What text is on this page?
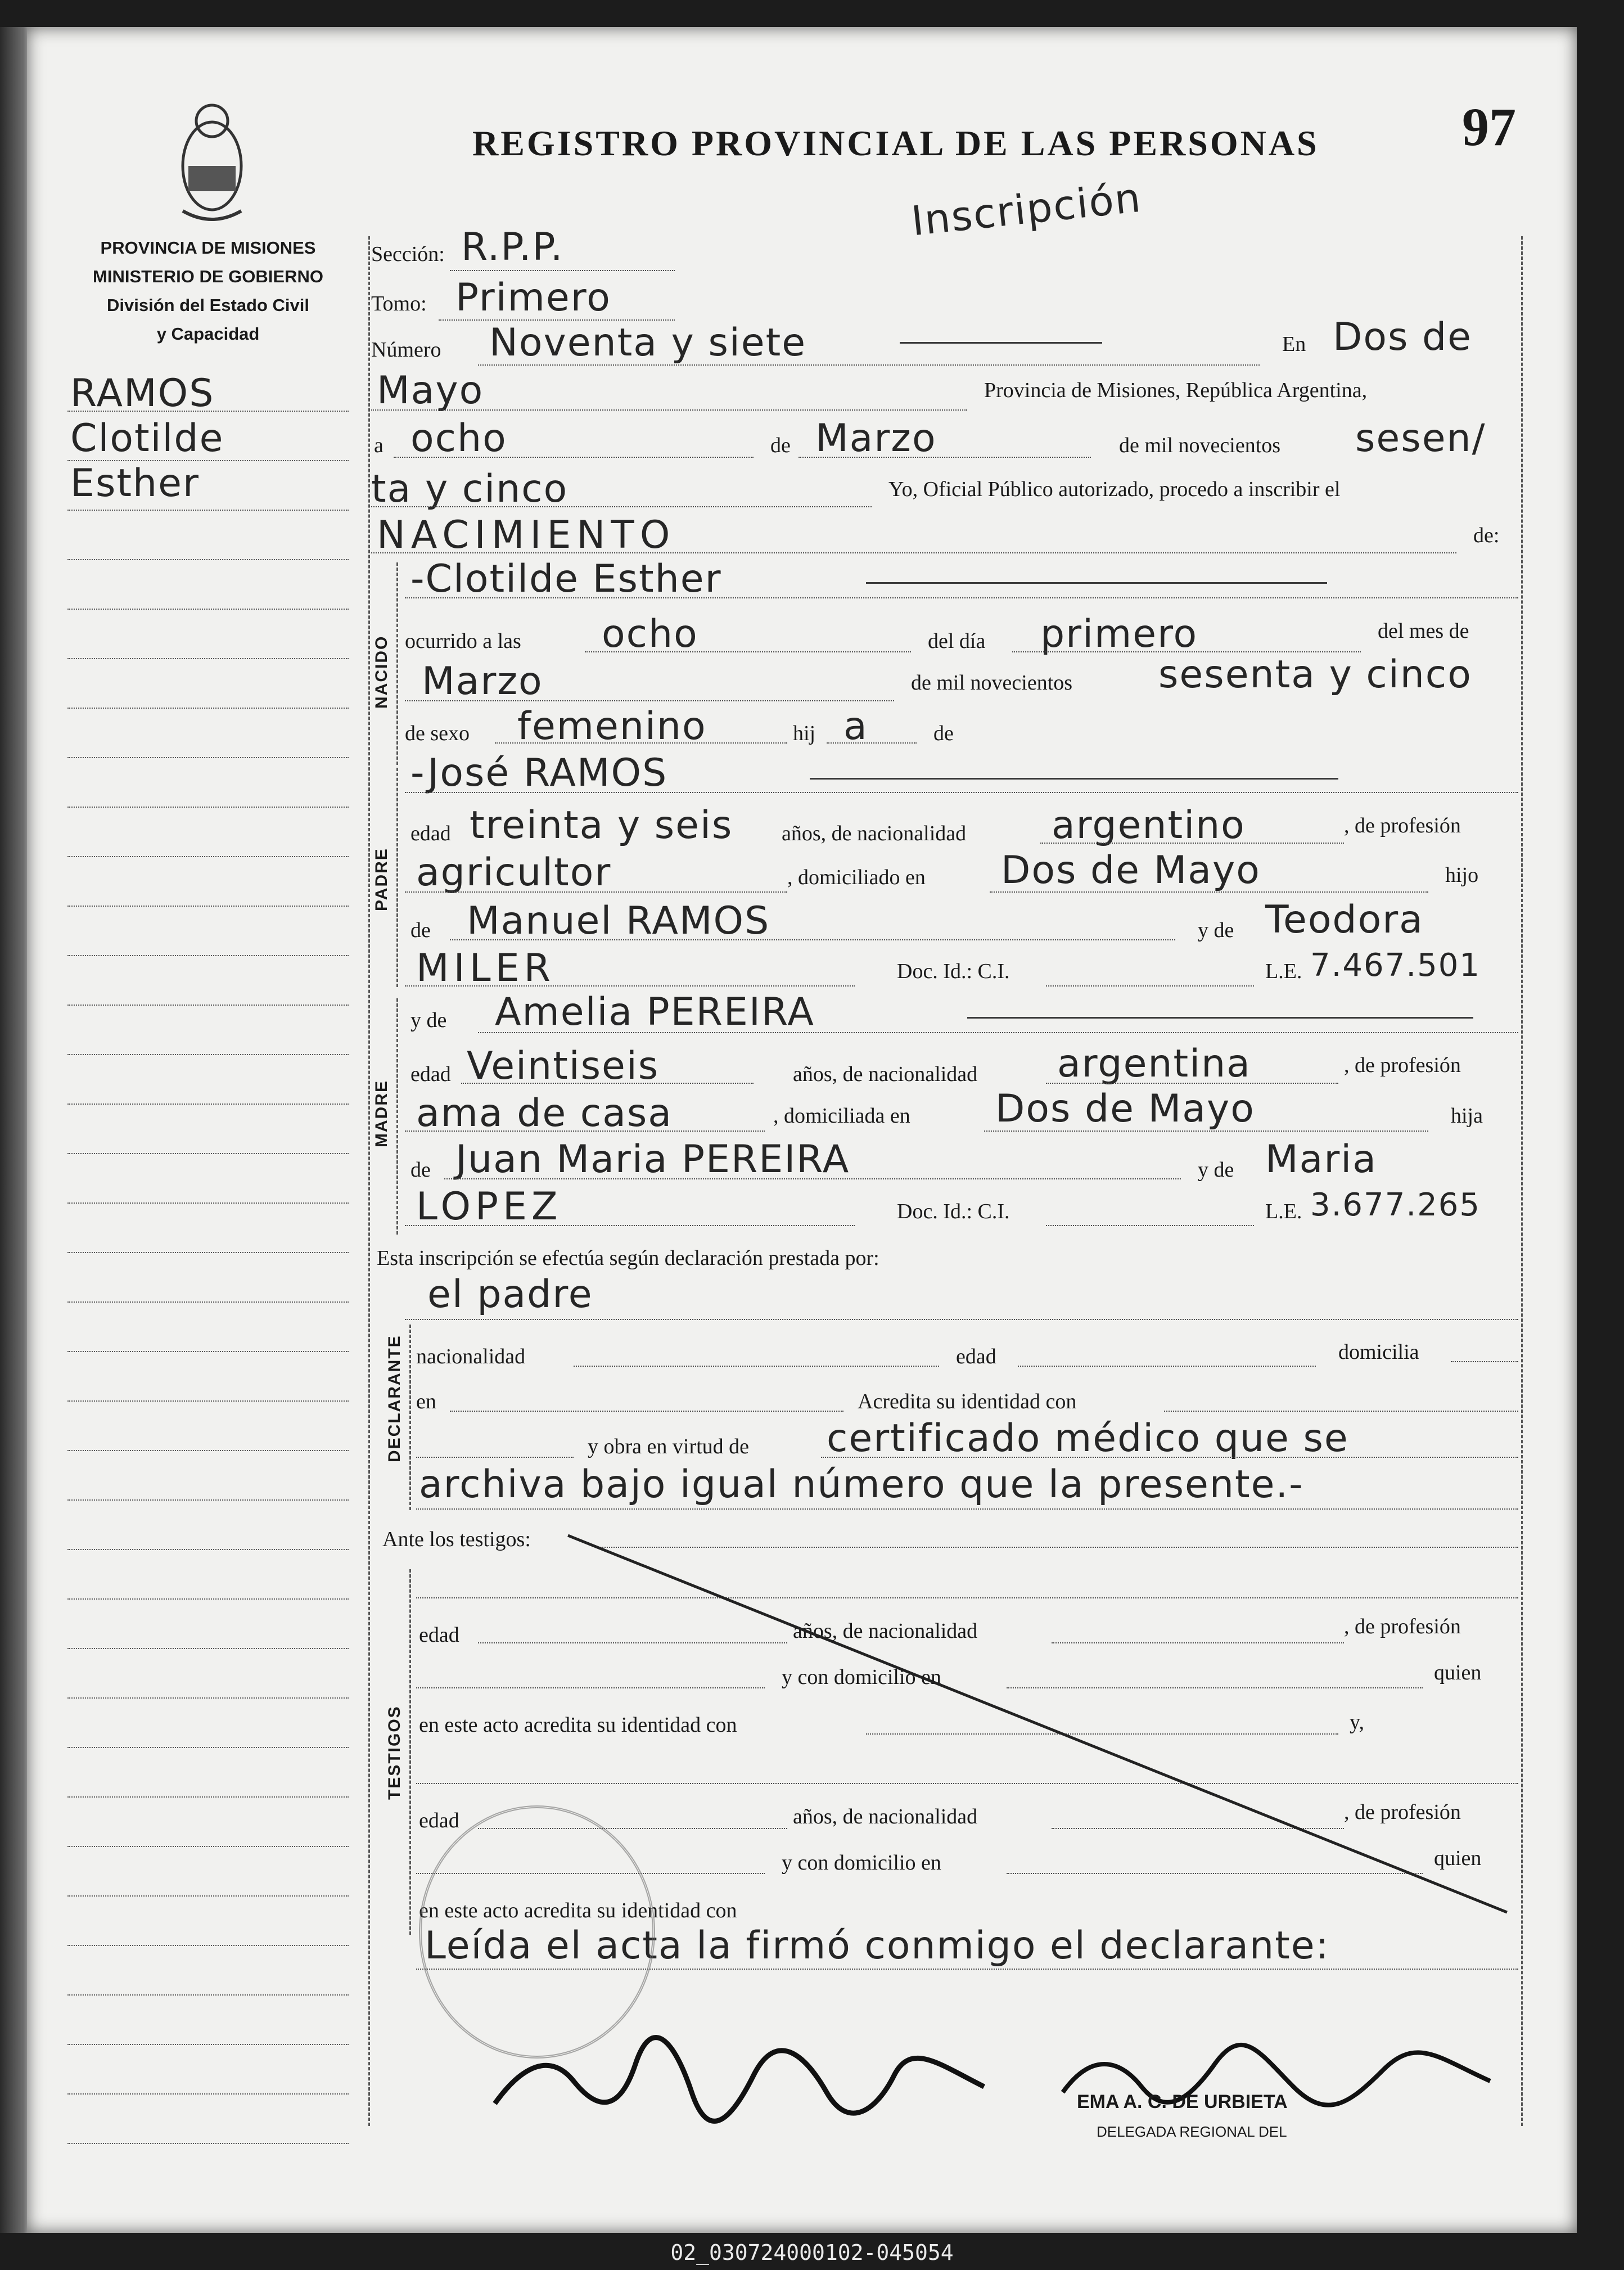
97
REGISTRO PROVINCIAL DE LAS PERSONAS
Inscripción
PROVINCIA DE MISIONES
MINISTERIO DE GOBIERNO
División del Estado Civil
y Capacidad
RAMOS
Clotilde
Esther
Sección: R.P.P.
Tomo: Primero
Número Noventa y siete	En Dos de
Mayo	Provincia de Misiones, República Argentina,
a ocho	de Marzo	de mil novecientos sesen/
ta y cinco	Yo, Oficial Público autorizado, procedo a inscribir el
NACIMIENTO	de:
NACIDO
-Clotilde Esther
ocurrido a las ocho	del día primero	del mes de
Marzo	de mil novecientos sesenta y cinco
de sexo femenino	hij a	de
PADRE
-José RAMOS
edad treinta y seis años, de nacionalidad argentino	, de profesión
agricultor	, domiciliado en Dos de Mayo	hijo
de Manuel RAMOS	y de Teodora
MILER	Doc. Id.: C.I.	L.E. 7.467.501
MADRE
y de Amelia PEREIRA
edad Veintiseis	años, de nacionalidad argentina	, de profesión
ama de casa	, domiciliada en Dos de Mayo	hija
de Juan Maria PEREIRA	y de Maria
LOPEZ	Doc. Id.: C.I.	L.E. 3.677.265
Esta inscripción se efectúa según declaración prestada por:
el padre
DECLARANTE nacionalidad	edad	domicilia
en	Acredita su identidad con
y obra en virtud de certificado médico que se
archiva bajo igual número que la presente.-
Ante los testigos:
TESTIGOS
edad	años, de nacionalidad	, de profesión
y con domicilio en	quien
en este acto acredita su identidad con	y,
edad	años, de nacionalidad	, de profesión
y con domicilio en	quien
en este acto acredita su identidad con
Leída el acta la firmó conmigo el declarante:
EMA A. C. DE URBIETA
DELEGADA REGIONAL DEL
02_030724000102-045054
